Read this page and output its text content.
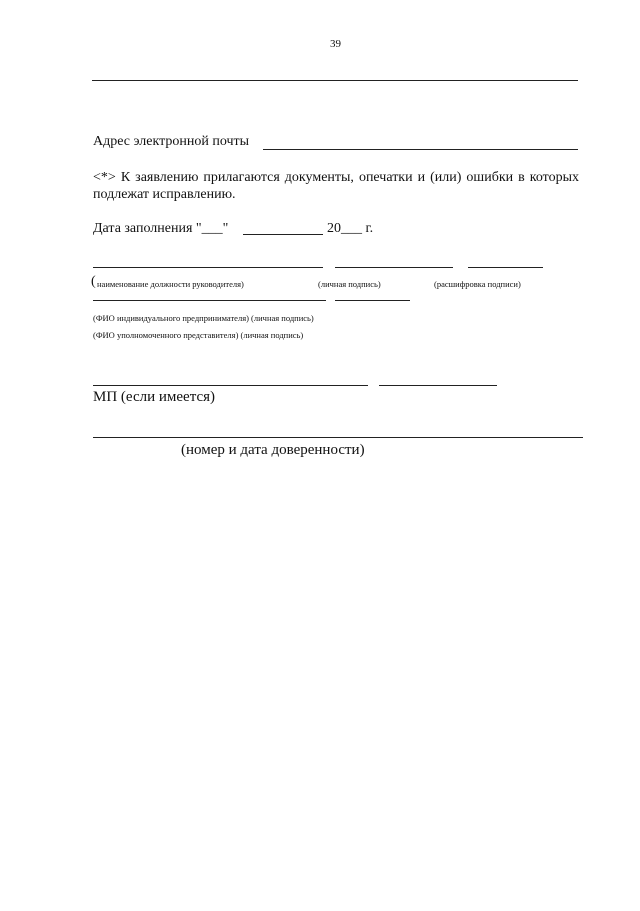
39
Адрес электронной почты
<*> К заявлению прилагаются документы, опечатки и (или) ошибки в которых подлежат исправлению.
Дата заполнения "___"	20___ г.
( наименование должности руководителя)	(личная подпись)	(расшифровка подписи)
(ФИО индивидуального предпринимателя) (личная подпись)
(ФИО уполномоченного представителя) (личная подпись)
МП (если имеется)
(номер и дата доверенности)
